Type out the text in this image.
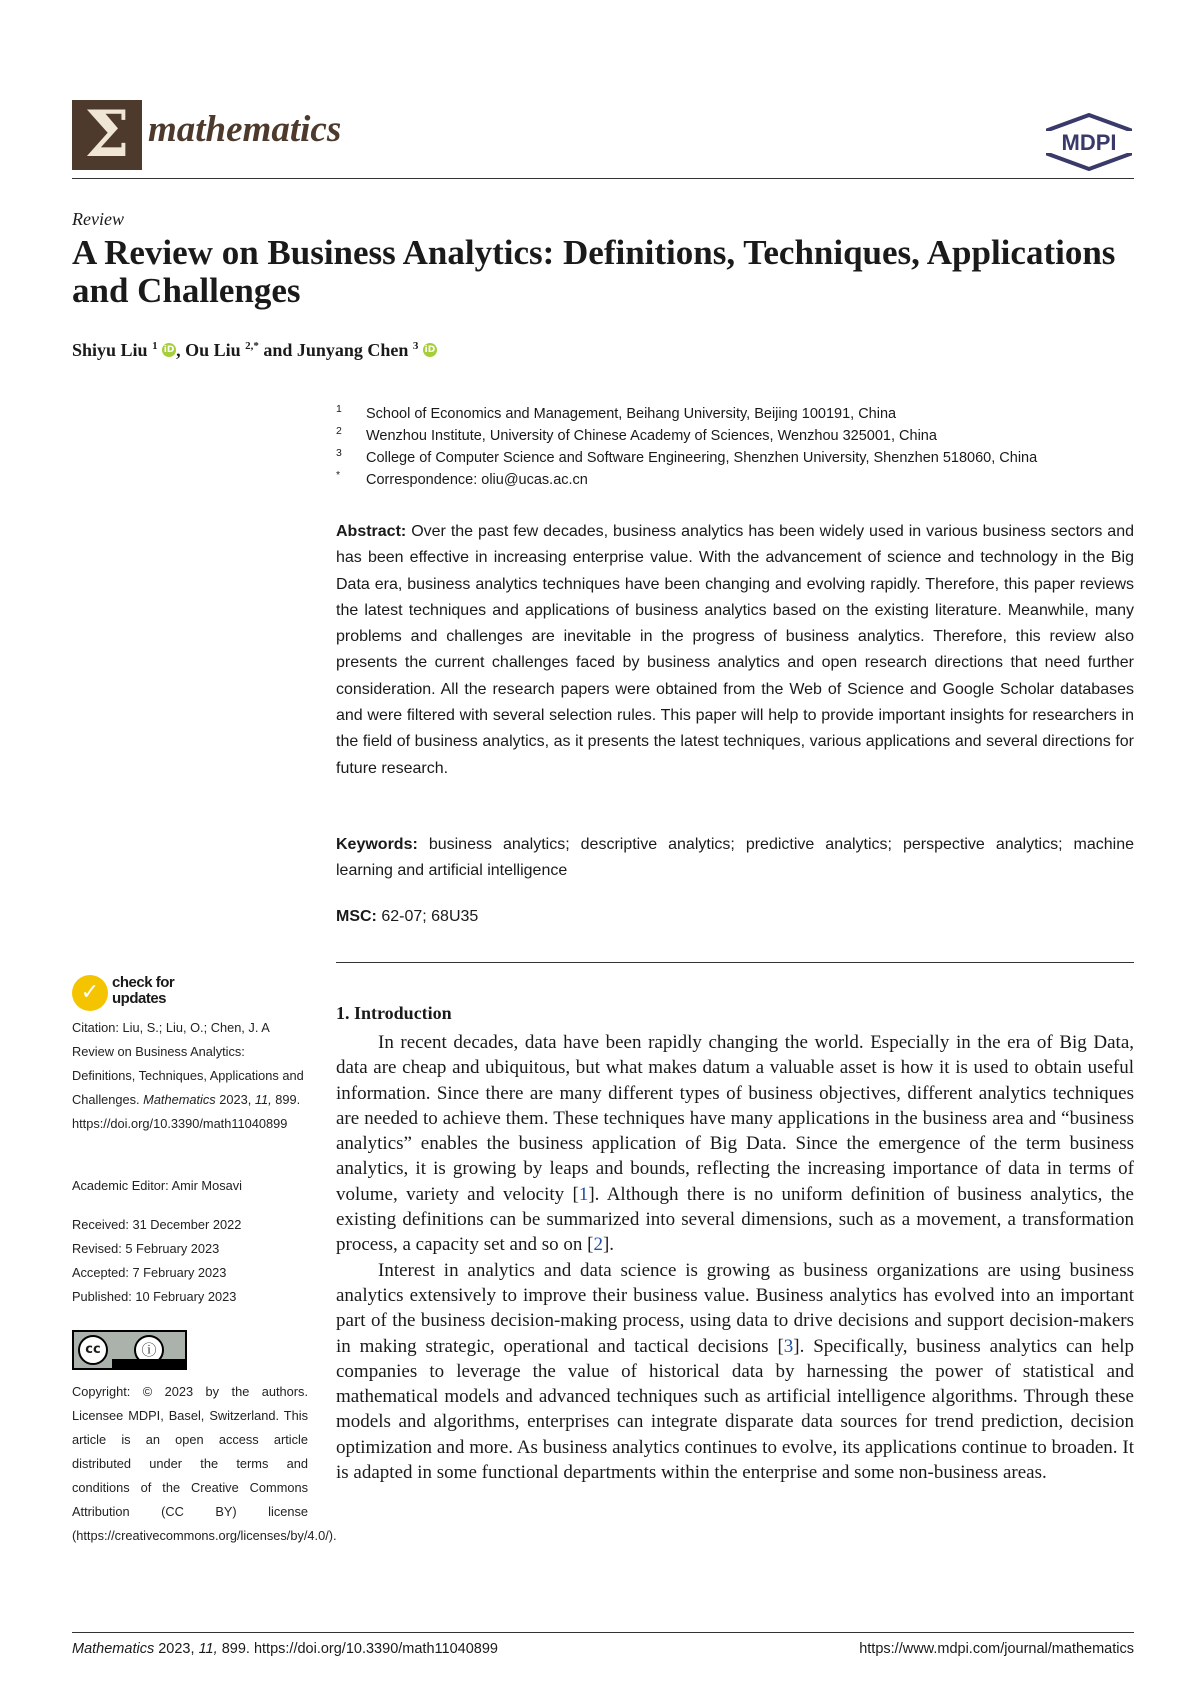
Σ mathematics	MDPI
Review
A Review on Business Analytics: Definitions, Techniques, Applications and Challenges
Shiyu Liu $^1$ iD, Ou Liu $^{2,*}$ and Junyang Chen $^3$ iD
1 School of Economics and Management, Beihang University, Beijing 100191, China
2 Wenzhou Institute, University of Chinese Academy of Sciences, Wenzhou 325001, China
3 College of Computer Science and Software Engineering, Shenzhen University, Shenzhen 518060, China
* Correspondence: oliu@ucas.ac.cn
Abstract: Over the past few decades, business analytics has been widely used in various business sectors and has been effective in increasing enterprise value. With the advancement of science and technology in the Big Data era, business analytics techniques have been changing and evolving rapidly. Therefore, this paper reviews the latest techniques and applications of business analytics based on the existing literature. Meanwhile, many problems and challenges are inevitable in the progress of business analytics. Therefore, this review also presents the current challenges faced by business analytics and open research directions that need further consideration. All the research papers were obtained from the Web of Science and Google Scholar databases and were filtered with several selection rules. This paper will help to provide important insights for researchers in the field of business analytics, as it presents the latest techniques, various applications and several directions for future research.
Keywords: business analytics; descriptive analytics; predictive analytics; perspective analytics; machine learning and artificial intelligence
MSC: 62-07; 68U35
✓ check for
updates
Citation: Liu, S.; Liu, O.; Chen, J. A Review on Business Analytics: Definitions, Techniques, Applications and Challenges. Mathematics 2023, 11, 899. https://doi.org/10.3390/math11040899
Academic Editor: Amir Mosavi
Received: 31 December 2022
Revised: 5 February 2023
Accepted: 7 February 2023
Published: 10 February 2023
cc	ⓘ
Copyright: © 2023 by the authors. Licensee MDPI, Basel, Switzerland. This article is an open access article distributed under the terms and conditions of the Creative Commons Attribution (CC BY) license (https://creativecommons.org/licenses/by/4.0/).
1. Introduction

In recent decades, data have been rapidly changing the world. Especially in the era of Big Data, data are cheap and ubiquitous, but what makes datum a valuable asset is how it is used to obtain useful information. Since there are many different types of business objectives, different analytics techniques are needed to achieve them. These techniques have many applications in the business area and “business analytics” enables the business application of Big Data. Since the emergence of the term business analytics, it is growing by leaps and bounds, reflecting the increasing importance of data in terms of volume, variety and velocity [1]. Although there is no uniform definition of business analytics, the existing definitions can be summarized into several dimensions, such as a movement, a transformation process, a capacity set and so on [2].

Interest in analytics and data science is growing as business organizations are using business analytics extensively to improve their business value. Business analytics has evolved into an important part of the business decision-making process, using data to drive decisions and support decision-makers in making strategic, operational and tactical decisions [3]. Specifically, business analytics can help companies to leverage the value of historical data by harnessing the power of statistical and mathematical models and advanced techniques such as artificial intelligence algorithms. Through these models and algorithms, enterprises can integrate disparate data sources for trend prediction, decision optimization and more. As business analytics continues to evolve, its applications continue to broaden. It is adapted in some functional departments within the enterprise and some non-business areas.

Mathematics 2023, 11, 899. https://doi.org/10.3390/math11040899	https://www.mdpi.com/journal/mathematics
